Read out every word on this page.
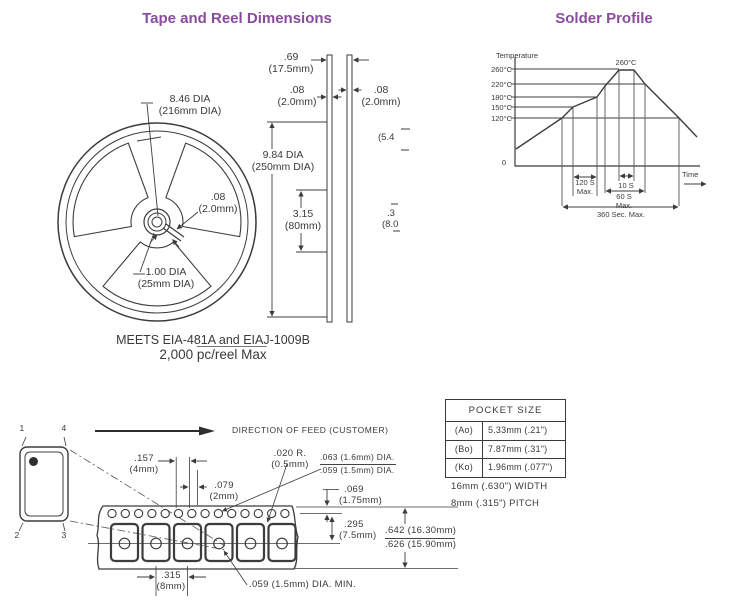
Tape and Reel Dimensions	Solder Profile
8.46 DIA
(216mm DIA)
.08
(2.0mm)
1.00 DIA
(25mm DIA)
MEETS EIA-481A and EIAJ-1009B
2,000 pc/reel Max
.69
(17.5mm)
.08
(2.0mm)
.08
(2.0mm)
9.84 DIA
(250mm DIA)
3.15
(80mm)
(5.4
.3
(8.0
Temperature
260°C
220°C
180°C
150°C
120°C
0
260°C
120 S
Max.
10 S
60 S
Max.
360 Sec. Max.
Time
1	4
2	3
DIRECTION OF FEED (CUSTOMER)
.157
(4mm)
.079
(2mm)
.020 R.
(0.5mm)
.063 (1.6mm) DIA.
.059 (1.5mm) DIA.
.069
(1.75mm)
.295
(7.5mm) .642 (16.30mm)
.626 (15.90mm)
.315
(8mm)	.059 (1.5mm) DIA. MIN.
POCKET SIZE
(Ao)	5.33mm (.21")
(Bo)	7.87mm (.31")
(Ko)	1.96mm (.077")
16mm (.630") WIDTH
8mm (.315") PITCH
